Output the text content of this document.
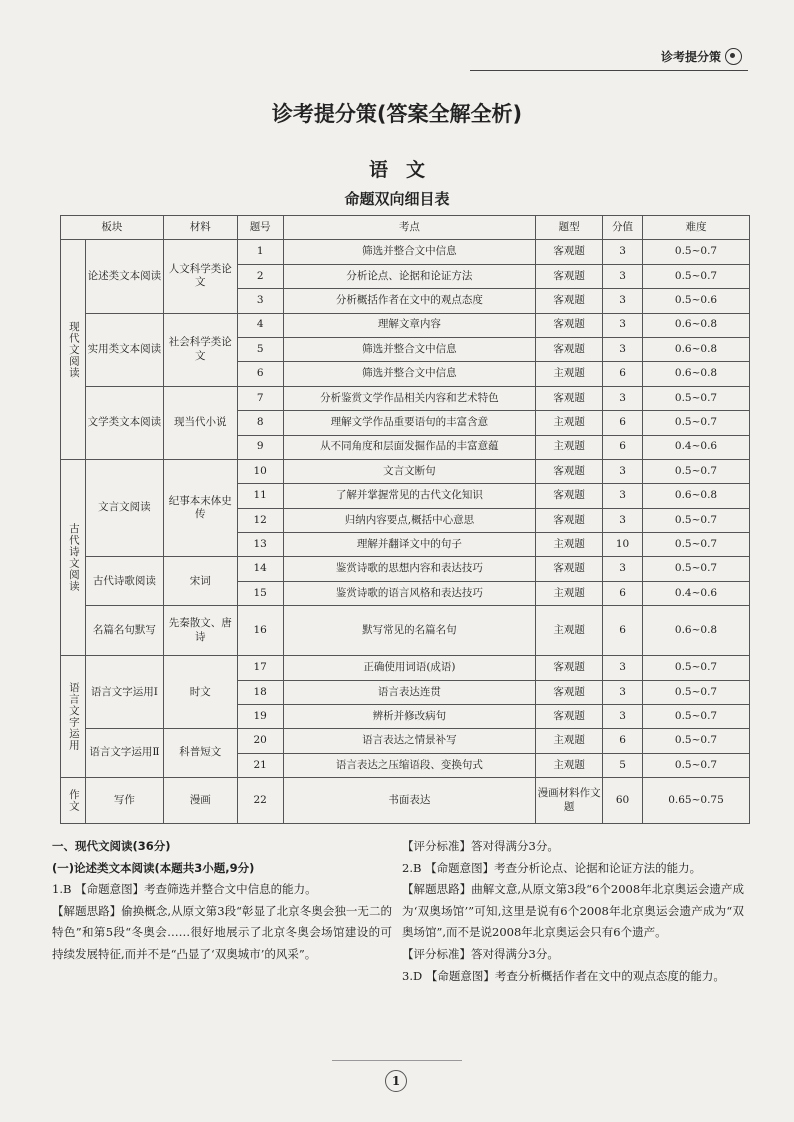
诊考提分策
诊考提分策(答案全解全析)
语文
命题双向细目表
板块		材料	题号	考点	题型	分值	难度
现代文阅读	论述类文本阅读	人文科学类论文	1	筛选并整合文中信息	客观题	3	0.5~0.7
			2	分析论点、论据和论证方法	客观题	3	0.5~0.7
			3	分析概括作者在文中的观点态度	客观题	3	0.5~0.6
	实用类文本阅读	社会科学类论文	4	理解文章内容	客观题	3	0.6~0.8
			5	筛选并整合文中信息	客观题	3	0.6~0.8
			6	筛选并整合文中信息	主观题	6	0.6~0.8
	文学类文本阅读	现当代小说	7	分析鉴赏文学作品相关内容和艺术特色	客观题	3	0.5~0.7
			8	理解文学作品重要语句的丰富含意	主观题	6	0.5~0.7
			9	从不同角度和层面发掘作品的丰富意蕴	主观题	6	0.4~0.6
古代诗文阅读	文言文阅读	纪事本末体史传	10	文言文断句	客观题	3	0.5~0.7
			11	了解并掌握常见的古代文化知识	客观题	3	0.6~0.8
			12	归纳内容要点,概括中心意思	客观题	3	0.5~0.7
			13	理解并翻译文中的句子	主观题	10	0.5~0.7
	古代诗歌阅读	宋词	14	鉴赏诗歌的思想内容和表达技巧	客观题	3	0.5~0.7
			15	鉴赏诗歌的语言风格和表达技巧	主观题	6	0.4~0.6
	名篇名句默写	先秦散文、唐诗	16	默写常见的名篇名句	主观题	6	0.6~0.8
语言文字运用	语言文字运用Ⅰ	时文	17	正确使用词语(成语)	客观题	3	0.5~0.7
			18	语言表达连贯	客观题	3	0.5~0.7
			19	辨析并修改病句	客观题	3	0.5~0.7
	语言文字运用Ⅱ	科普短文	20	语言表达之情景补写	主观题	6	0.5~0.7
			21	语言表达之压缩语段、变换句式	主观题	5	0.5~0.7
作文	写作	漫画	22	书面表达	漫画材料作文题	60	0.65~0.75

一、现代文阅读(36分)

(一)论述类文本阅读(本题共3小题,9分)

1.B 【命题意图】考查筛选并整合文中信息的能力。

【解题思路】偷换概念,从原文第3段“彰显了北京冬奥会独一无二的特色”和第5段“冬奥会……很好地展示了北京冬奥会场馆建设的可持续发展特征,而并不是“凸显了‘双奥城市’的风采”。

【评分标准】答对得满分3分。

2.B 【命题意图】考查分析论点、论据和论证方法的能力。

【解题思路】曲解文意,从原文第3段“6个2008年北京奥运会遗产成为‘双奥场馆’”可知,这里是说有6个2008年北京奥运会遗产成为“双奥场馆”,而不是说2008年北京奥运会只有6个遗产。

【评分标准】答对得满分3分。

3.D 【命题意图】考查分析概括作者在文中的观点态度的能力。

1
